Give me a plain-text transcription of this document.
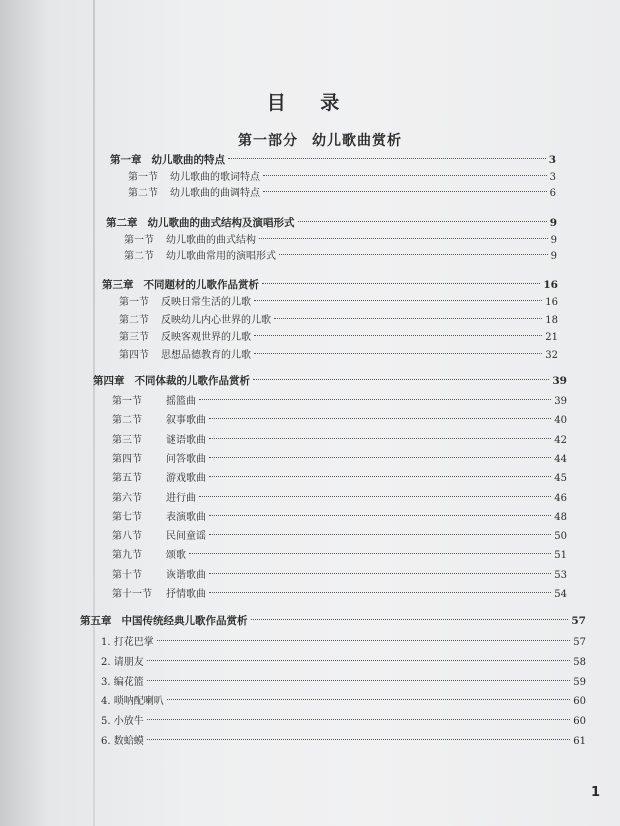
目 录
第一部分 幼儿歌曲赏析
第一章 幼儿歌曲的特点	3
第一节 幼儿歌曲的歌词特点	3
第二节 幼儿歌曲的曲调特点	6
第二章 幼儿歌曲的曲式结构及演唱形式	9
第一节 幼儿歌曲的曲式结构	9
第二节 幼儿歌曲常用的演唱形式	9
第三章 不同题材的儿歌作品赏析	16
第一节 反映日常生活的儿歌	16
第二节 反映幼儿内心世界的儿歌	18
第三节 反映客观世界的儿歌	21
第四节 思想品德教育的儿歌	32
第四章 不同体裁的儿歌作品赏析	39
第一节 摇篮曲	39
第二节 叙事歌曲	40
第三节 谜语歌曲	42
第四节 问答歌曲	44
第五节 游戏歌曲	45
第六节 进行曲	46
第七节 表演歌曲	48
第八节 民间童谣	50
第九节 颂歌	51
第十节 诙谐歌曲	53
第十一节 抒情歌曲	54
第五章 中国传统经典儿歌作品赏析	57
1. 打花巴掌	57
2. 请朋友	58
3. 编花篮	59
4. 唢呐配喇叭	60
5. 小放牛	60
6. 数蛤蟆	61
1
